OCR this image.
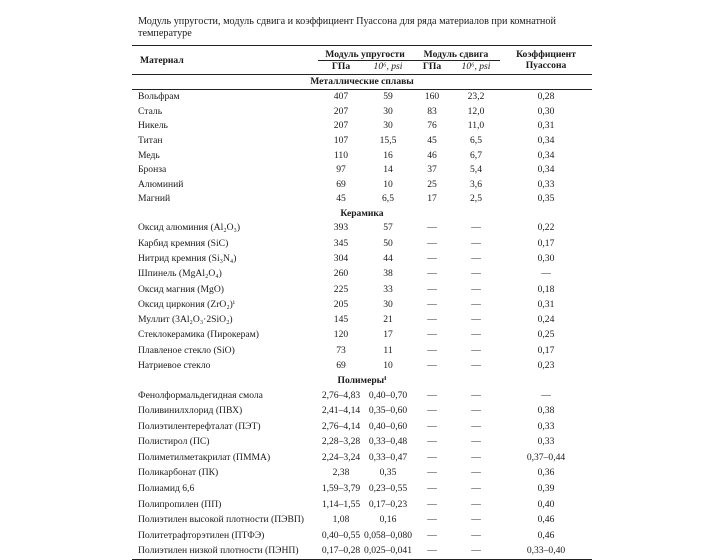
Модуль упругости, модуль сдвига и коэффициент Пуассона для ряда материалов при комнатной температуре

Материал	Модуль упругости		Модуль сдвига		Коэффициент Пуассона
	ГПа	10⁶, psi	ГПа	10⁶, psi	
Металлические сплавы					
Вольфрам	407	59	160	23,2	0,28
Сталь	207	30	83	12,0	0,30
Никель	207	30	76	11,0	0,31
Титан	107	15,5	45	6,5	0,34
Медь	110	16	46	6,7	0,34
Бронза	97	14	37	5,4	0,34
Алюминий	69	10	25	3,6	0,33
Магний	45	6,5	17	2,5	0,35
Керамика					
Оксид алюминия (Al₂O₃)	393	57	—	—	0,22
Карбид кремния (SiC)	345	50	—	—	0,17
Нитрид кремния (Si₃N₄)	304	44	—	—	0,30
Шпинель (MgAl₂O₄)	260	38	—	—	—
Оксид магния (MgO)	225	33	—	—	0,18
Оксид циркония (ZrO₂)ⁱ	205	30	—	—	0,31
Муллит (3Al₂O₃·2SiO₂)	145	21	—	—	0,24
Стеклокерамика (Пирокерам)	120	17	—	—	0,25
Плавленое стекло (SiO)	73	11	—	—	0,17
Натриевое стекло	69	10	—	—	0,23
Полимерыⁱ					
Фенолформальдегидная смола	2,76–4,83	0,40–0,70	—	—	—
Поливинилхлорид (ПВХ)	2,41–4,14	0,35–0,60	—	—	0,38
Полиэтилентерефталат (ПЭТ)	2,76–4,14	0,40–0,60	—	—	0,33
Полистирол (ПС)	2,28–3,28	0,33–0,48	—	—	0,33
Полиметилметакрилат (ПММА)	2,24–3,24	0,33–0,47	—	—	0,37–0,44
Поликарбонат (ПК)	2,38	0,35	—	—	0,36
Полиамид 6,6	1,59–3,79	0,23–0,55	—	—	0,39
Полипропилен (ПП)	1,14–1,55	0,17–0,23	—	—	0,40
Полиэтилен высокой плотности (ПЭВП)	1,08	0,16	—	—	0,46
Политетрафторэтилен (ПТФЭ)	0,40–0,55	0,058–0,080	—	—	0,46
Полиэтилен низкой плотности (ПЭНП)	0,17–0,28	0,025–0,041	—	—	0,33–0,40
